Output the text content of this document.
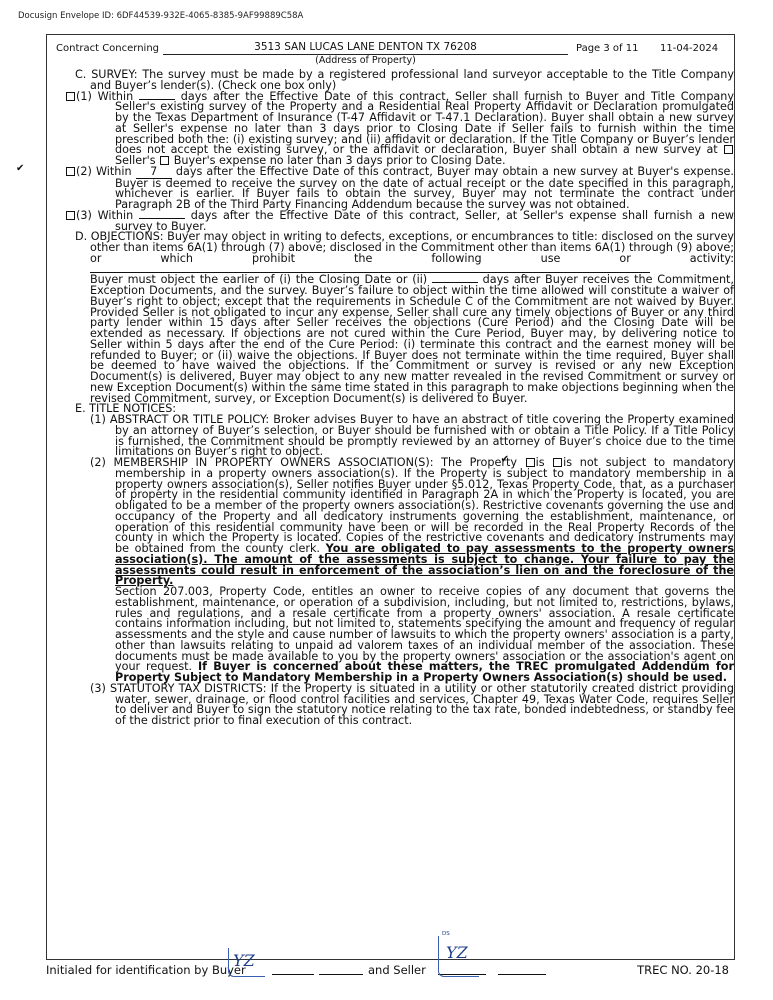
Docusign Envelope ID: 6DF44539-932E-4065-8385-9AF99889C58A
Contract Concerning	3513 SAN LUCAS LANE DENTON TX 76208
(Address of Property)
Page 3 of 11 11-04-2024

C. SURVEY: The survey must be made by a registered professional land surveyor acceptable to the Title Company and Buyer’s lender(s). (Check one box only)

(1) Within	days after the Effective Date of this contract, Seller shall furnish to Buyer and Title Company Seller's existing survey of the Property and a Residential Real Property Affidavit or Declaration promulgated by the Texas Department of Insurance (T-47 Affidavit or T-47.1 Declaration). Buyer shall obtain a new survey at Seller's expense no later than 3 days prior to Closing Date if Seller fails to furnish within the time prescribed both the: (i) existing survey; and (ii) affidavit or declaration. If the Title Company or Buyer’s lender does not accept the existing survey, or the affidavit or declaration, Buyer shall obtain a new survey at  Seller's Buyer's expense no later than 3 days prior to Closing Date.

✔(2) Within 7 days after the Effective Date of this contract, Buyer may obtain a new survey at Buyer's expense. Buyer is deemed to receive the survey on the date of actual receipt or the date specified in this paragraph, whichever is earlier. If Buyer fails to obtain the survey, Buyer may not terminate the contract under Paragraph 2B of the Third Party Financing Addendum because the survey was not obtained.

(3) Within	days after the Effective Date of this contract, Seller, at Seller's expense shall furnish a new survey to Buyer.

D. OBJECTIONS: Buyer may object in writing to defects, exceptions, or encumbrances to title: disclosed on the survey other than items 6A(1) through (7) above; disclosed in the Commitment other than items 6A(1) through (9) above; or which prohibit the following use or activity:

Buyer must object the earlier of (i) the Closing Date or (ii)	days after Buyer receives the Commitment, Exception Documents, and the survey. Buyer’s failure to object within the time allowed will constitute a waiver of Buyer’s right to object; except that the requirements in Schedule C of the Commitment are not waived by Buyer. Provided Seller is not obligated to incur any expense, Seller shall cure any timely objections of Buyer or any third party lender within 15 days after Seller receives the objections (Cure Period) and the Closing Date will be extended as necessary. If objections are not cured within the Cure Period, Buyer may, by delivering notice to Seller within 5 days after the end of the Cure Period: (i) terminate this contract and the earnest money will be refunded to Buyer; or (ii) waive the objections. If Buyer does not terminate within the time required, Buyer shall be deemed to have waived the objections. If the Commitment or survey is revised or any new Exception Document(s) is delivered, Buyer may object to any new matter revealed in the revised Commitment or survey or new Exception Document(s) within the same time stated in this paragraph to make objections beginning when the revised Commitment, survey, or Exception Document(s) is delivered to Buyer.

E. TITLE NOTICES:

(1) ABSTRACT OR TITLE POLICY: Broker advises Buyer to have an abstract of title covering the Property examined by an attorney of Buyer’s selection, or Buyer should be furnished with or obtain a Title Policy. If a Title Policy is furnished, the Commitment should be promptly reviewed by an attorney of Buyer’s choice due to the time limitations on Buyer’s right to object.

(2) MEMBERSHIP IN PROPERTY OWNERS ASSOCIATION(S): The Property ✔ is is not subject to mandatory membership in a property owners association(s). If the Property is subject to mandatory membership in a property owners association(s), Seller notifies Buyer under §5.012, Texas Property Code, that, as a purchaser of property in the residential community identified in Paragraph 2A in which the Property is located, you are obligated to be a member of the property owners association(s). Restrictive covenants governing the use and occupancy of the Property and all dedicatory instruments governing the establishment, maintenance, or operation of this residential community have been or will be recorded in the Real Property Records of the county in which the Property is located. Copies of the restrictive covenants and dedicatory instruments may be obtained from the county clerk. You are obligated to pay assessments to the property owners association(s). The amount of the assessments is subject to change. Your failure to pay the assessments could result in enforcement of the association’s lien on and the foreclosure of the Property.

Section 207.003, Property Code, entitles an owner to receive copies of any document that governs the establishment, maintenance, or operation of a subdivision, including, but not limited to, restrictions, bylaws, rules and regulations, and a resale certificate from a property owners' association. A resale certificate contains information including, but not limited to, statements specifying the amount and frequency of regular assessments and the style and cause number of lawsuits to which the property owners' association is a party, other than lawsuits relating to unpaid ad valorem taxes of an individual member of the association. These documents must be made available to you by the property owners' association or the association's agent on your request. If Buyer is concerned about these matters, the TREC promulgated Addendum for Property Subject to Mandatory Membership in a Property Owners Association(s) should be used.

(3) STATUTORY TAX DISTRICTS: If the Property is situated in a utility or other statutorily created district providing water, sewer, drainage, or flood control facilities and services, Chapter 49, Texas Water Code, requires Seller to deliver and Buyer to sign the statutory notice relating to the tax rate, bonded indebtedness, or standby fee of the district prior to final execution of this contract.

Initialed for identification by Buyer	and Seller	TREC NO. 20-18
YZ
DS
YZ
